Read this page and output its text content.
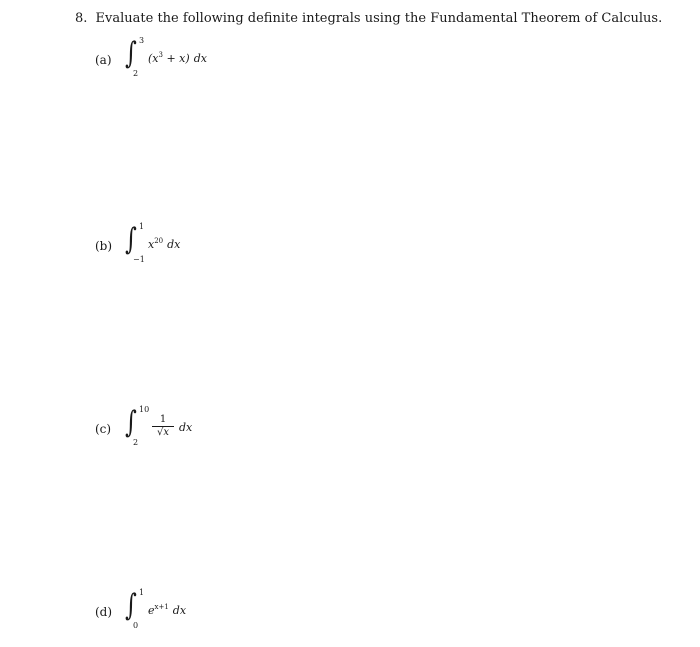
8. Evaluate the following definite integrals using the Fundamental Theorem of Calculus.
(a) ∫ 3
2
$(x^3 + x)$ dx
(b) ∫ 1
−1
$x^{20}$ dx
(c) ∫ 10
2
$\frac{1}{√x}$ dx
(d) ∫ 1
0
$e^{x+1}$ dx
